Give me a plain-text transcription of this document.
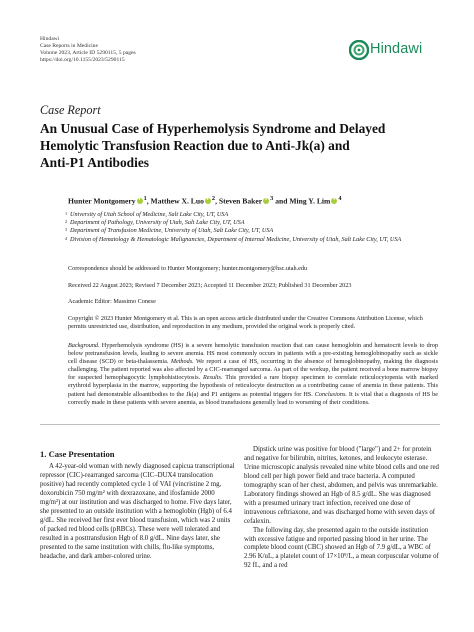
Hindawi
Case Reports in Medicine
Volume 2023, Article ID 5290115, 5 pages
https://doi.org/10.1155/2023/5290115
Hindawi
Case Report
An Unusual Case of Hyperhemolysis Syndrome and Delayed
Hemolytic Transfusion Reaction due to Anti-Jk(a) and
Anti-P1 Antibodies
Hunter Montgomery i $^1$, Matthew X. Luo i $^2$, Steven Baker i $^3$ and Ming Y. Lim i $^4$
1 University of Utah School of Medicine, Salt Lake City, UT, USA
2 Department of Pathology, University of Utah, Salt Lake City, UT, USA
3 Department of Transfusion Medicine, University of Utah, Salt Lake City, UT, USA
4 Division of Hematology & Hematologic Malignancies, Department of Internal Medicine, University of Utah, Salt Lake City, UT, USA
Correspondence should be addressed to Hunter Montgomery; hunter.montgomery@hsc.utah.edu
Received 22 August 2023; Revised 7 December 2023; Accepted 11 December 2023; Published 31 December 2023
Academic Editor: Massimo Conese
Copyright © 2023 Hunter Montgomery et al. This is an open access article distributed under the Creative Commons Attribution License, which permits unrestricted use, distribution, and reproduction in any medium, provided the original work is properly cited.
Background. Hyperhemolysis syndrome (HS) is a severe hemolytic transfusion reaction that can cause hemoglobin and hematocrit levels to drop below pretransfusion levels, leading to severe anemia. HS most commonly occurs in patients with a pre-existing hemoglobinopathy such as sickle cell disease (SCD) or beta-thalassemia. Methods. We report a case of HS, occurring in the absence of hemoglobinopathy, making the diagnosis challenging. The patient reported was also affected by a CIC-rearranged sarcoma. As part of the workup, the patient received a bone marrow biopsy for suspected hemophagocytic lymphohistiocytosis. Results. This provided a rare biopsy specimen to correlate reticulocytopenia with marked erythroid hyperplasia in the marrow, supporting the hypothesis of reticulocyte destruction as a contributing cause of anemia in these patients. This patient had demonstrable alloantibodies to the Jk(a) and P1 antigens as potential triggers for HS. Conclusions. It is vital that a diagnosis of HS be correctly made in these patients with severe anemia, as blood transfusions generally lead to worsening of their conditions.
1. Case Presentation

A 42-year-old woman with newly diagnosed capicua transcriptional repressor (CIC)-rearranged sarcoma (CIC–DUX4 translocation positive) had recently completed cycle 1 of VAI (vincristine 2 mg, doxorubicin 750 mg/m² with dexrazoxane, and ifosfamide 2000 mg/m²) at our institution and was discharged to home. Five days later, she presented to an outside institution with a hemoglobin (Hgb) of 6.4 g/dL. She received her first ever blood transfusion, which was 2 units of packed red blood cells (pRBCs). These were well tolerated and resulted in a posttransfusion Hgb of 8.0 g/dL. Nine days later, she presented to the same institution with chills, flu-like symptoms, headache, and dark amber-colored urine.

Dipstick urine was positive for blood ("large") and 2+ for protein and negative for bilirubin, nitrites, ketones, and leukocyte esterase. Urine microscopic analysis revealed nine white blood cells and one red blood cell per high power field and trace bacteria. A computed tomography scan of her chest, abdomen, and pelvis was unremarkable. Laboratory findings showed an Hgb of 8.5 g/dL. She was diagnosed with a presumed urinary tract infection, received one dose of intravenous ceftriaxone, and was discharged home with seven days of cefalexin.

The following day, she presented again to the outside institution with excessive fatigue and reported passing blood in her urine. The complete blood count (CBC) showed an Hgb of 7.9 g/dL, a WBC of 2.96 K/uL, a platelet count of 17×10⁹/L, a mean corpuscular volume of 92 fL, and a red
